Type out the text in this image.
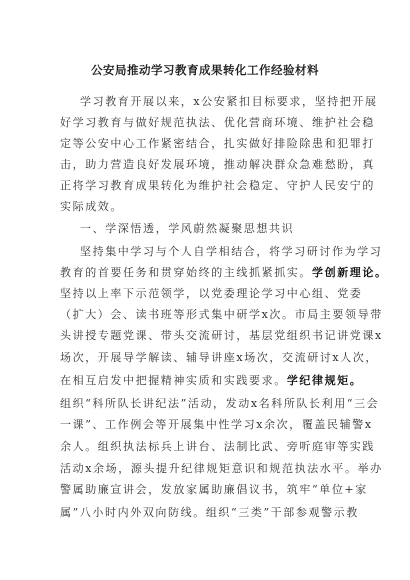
公安局推动学习教育成果转化工作经验材料
学习教育开展以来，x公安紧扣目标要求，坚持把开展
好学习教育与做好规范执法、优化营商环境、维护社会稳
定等公安中心工作紧密结合，扎实做好排险除患和犯罪打
击，助力营造良好发展环境，推动解决群众急难愁盼，真
正将学习教育成果转化为维护社会稳定、守护人民安宁的
实际成效。
一、学深悟透，学风蔚然凝聚思想共识
坚持集中学习与个人自学相结合，将学习研讨作为学习
教育的首要任务和贯穿始终的主线抓紧抓实。学创新理论。
坚持以上率下示范领学，以党委理论学习中心组、党委
（扩大）会、读书班等形式集中研学x次。市局主要领导带
头讲授专题党课、带头交流研讨，基层党组织书记讲党课x
场次，开展导学解读、辅导讲座x场次，交流研讨x人次，
在相互启发中把握精神实质和实践要求。学纪律规矩。
组织“科所队长讲纪法”活动，发动x名科所队长利用“三会
一课”、工作例会等开展集中性学习x余次，覆盖民辅警x
余人。组织执法标兵上讲台、法制比武、旁听庭审等实践
活动x余场，源头提升纪律规矩意识和规范执法水平。举办
警属助廉宣讲会，发放家属助廉倡议书，筑牢“单位+家
属”八小时内外双向防线。组织“三类”干部参观警示教
